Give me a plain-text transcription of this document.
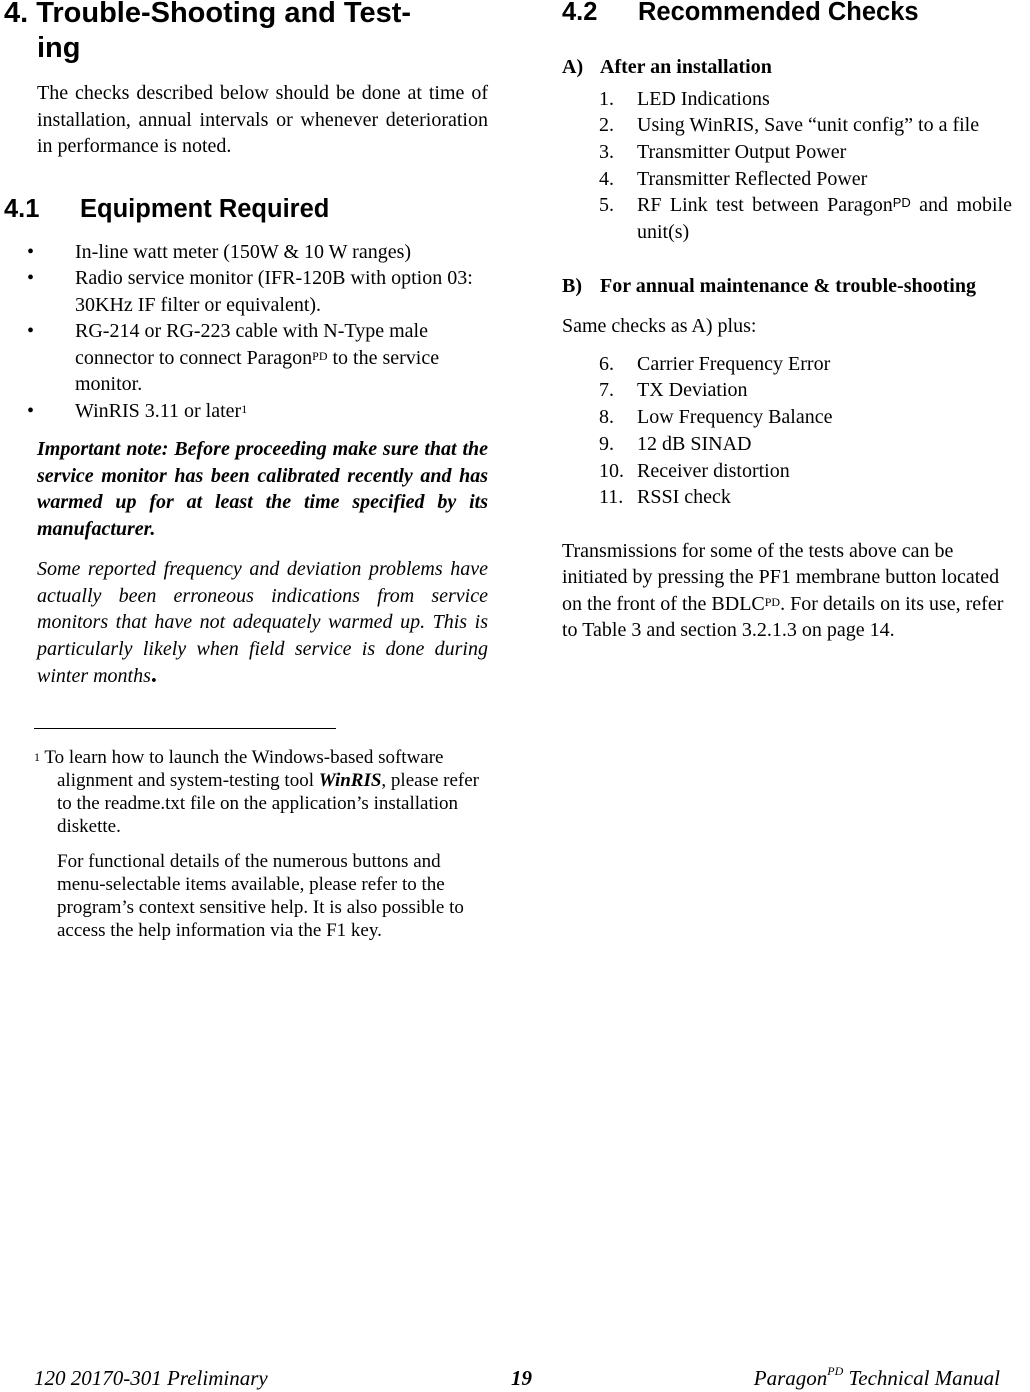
4. Trouble-Shooting and Test-
ing

The checks described below should be done at time of installation, annual intervals or whenever deterioration in performance is noted.

4.1 Equipment Required
• In-line watt meter (150W & 10 W ranges)
• Radio service monitor (IFR-120B with option 03: 30KHz IF filter or equivalent).
• RG-214 or RG-223 cable with N-Type male connector to connect Paragon$^{PD}$ to the service monitor.
• WinRIS 3.11 or later$^1$

Important note: Before proceeding make sure that the service monitor has been calibrated recently and has warmed up for at least the time specified by its manufacturer.

Some reported frequency and deviation problems have actually been erroneous indications from service monitors that have not adequately warmed up. This is particularly likely when field service is done during winter months.

$^1$ To learn how to launch the Windows-based software alignment and system-testing tool WinRIS, please refer to the readme.txt file on the application’s installation diskette.
For functional details of the numerous buttons and menu-selectable items available, please refer to the program’s context sensitive help. It is also possible to access the help information via the F1 key.
4.2 Recommended Checks
A) After an installation
1. LED Indications
2. Using WinRIS, Save “unit config” to a file
3. Transmitter Output Power
4. Transmitter Reflected Power
5. RF Link test between Paragon$^{PD}$ and mobile unit(s)
B) For annual maintenance & trouble-shooting

Same checks as A) plus:

6. Carrier Frequency Error
7. TX Deviation
8. Low Frequency Balance
9. 12 dB SINAD
10. Receiver distortion
11. RSSI check

Transmissions for some of the tests above can be initiated by pressing the PF1 membrane button located on the front of the $BDLC^{PD}$. For details on its use, refer to Table 3 and section 3.2.1.3 on page 14.

120 20170-301 Preliminary	19	Paragon$^{PD}$ Technical Manual
